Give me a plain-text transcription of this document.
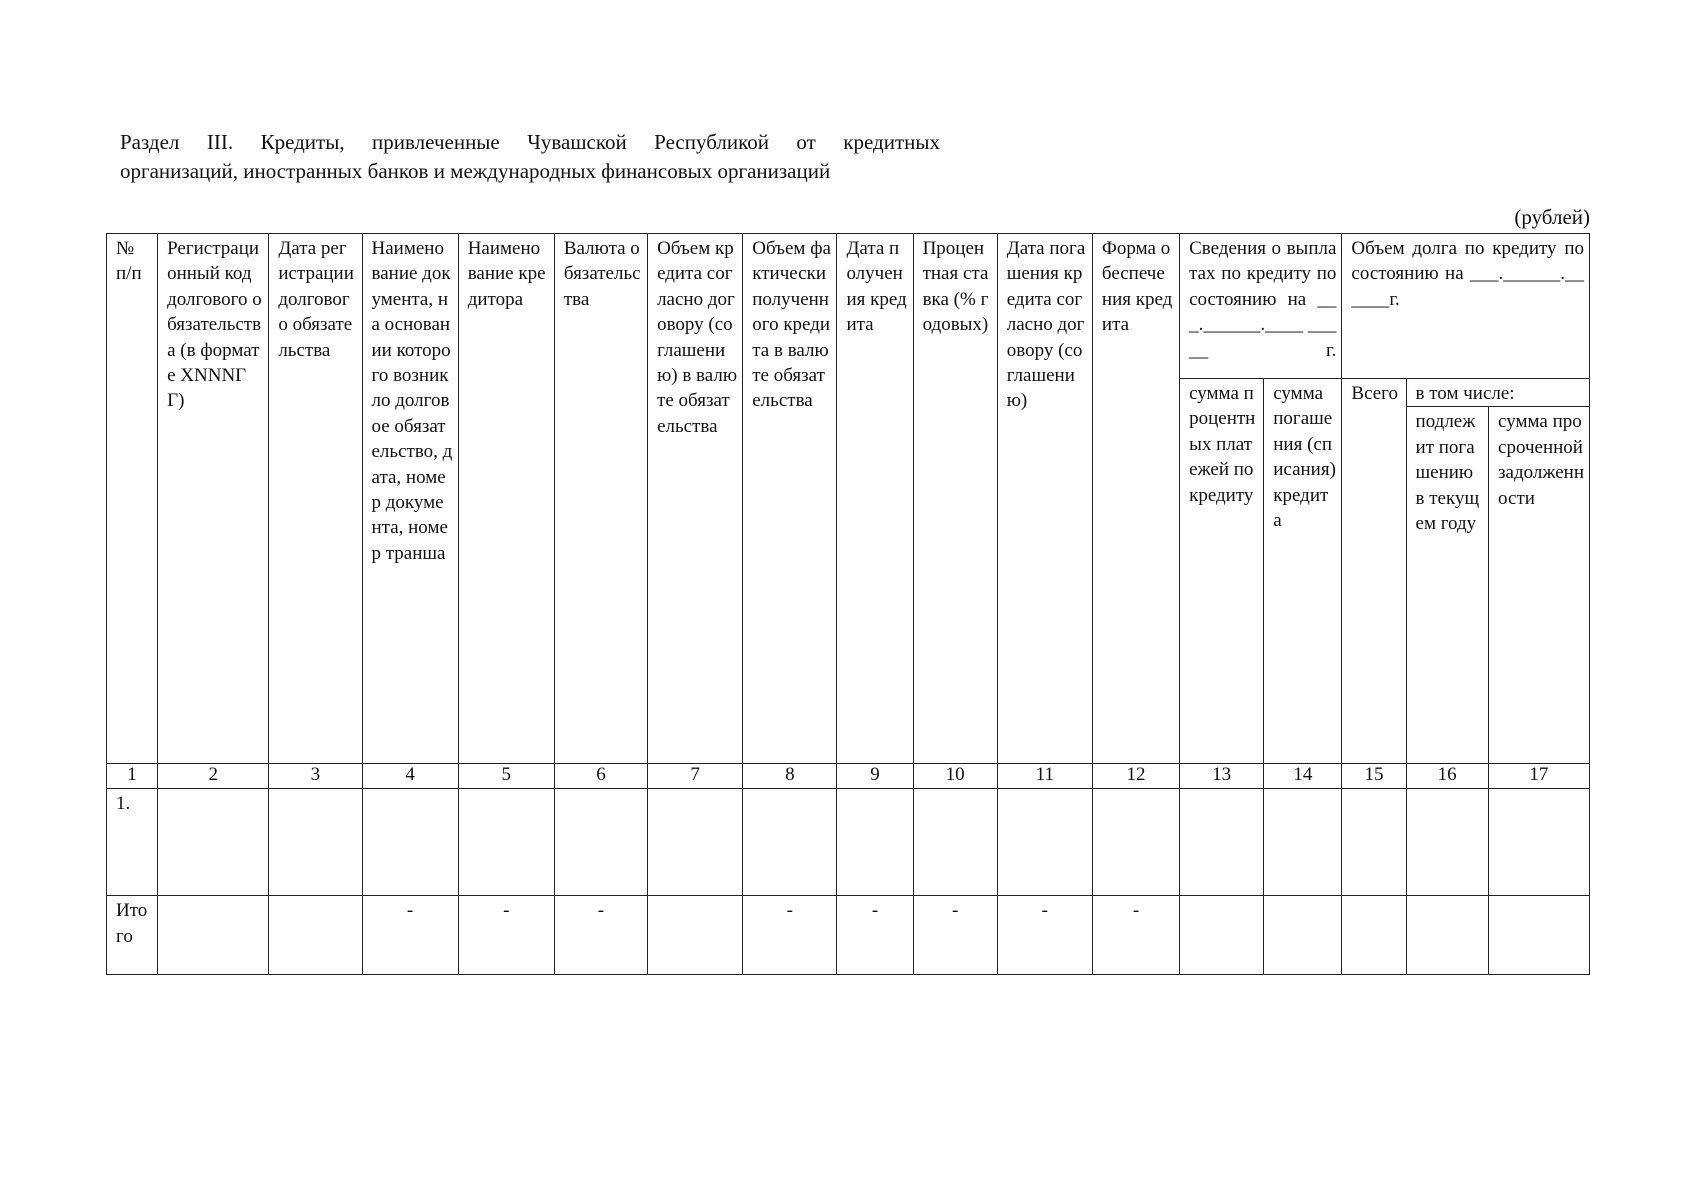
Раздел III. Кредиты, привлеченные Чувашской Республикой от кредитных
организаций, иностранных банков и международных финансовых организаций

(рублей)
№ п/п	Регистрационный код долгового обязательства (в формате XNNNГГ)	Дата регистрации долгового обязательства	Наименование документа, на основании которого возникло долговое обязательство, дата, номер документа, номер транша	Наименование кредитора	Валюта обязательства	Объем кредита согласно договору (соглашению) в валюте обязательства	Объем фактически полученного кредита в валюте обязательства	Дата получения кредита	Процентная ставка (% годовых)	Дата погашения кредита согласно договору (соглашению)	Форма обеспечения кредита	Сведения о выплатах по кредиту по состоянию на ___.______.____ _____ г.	Объем долга по кредиту по состоянию на ___.______.______г.
сумма процентных платежей по кредиту	сумма погашения (списания) кредита	Всего	в том числе:
подлежит погашению в текущем году	сумма просроченной задолженности

1	2	3	4	5	6	7	8	9	10	11	12	13	14	15	16	17
1.																
Итого			-	-	-		-	-	-	-	-					
